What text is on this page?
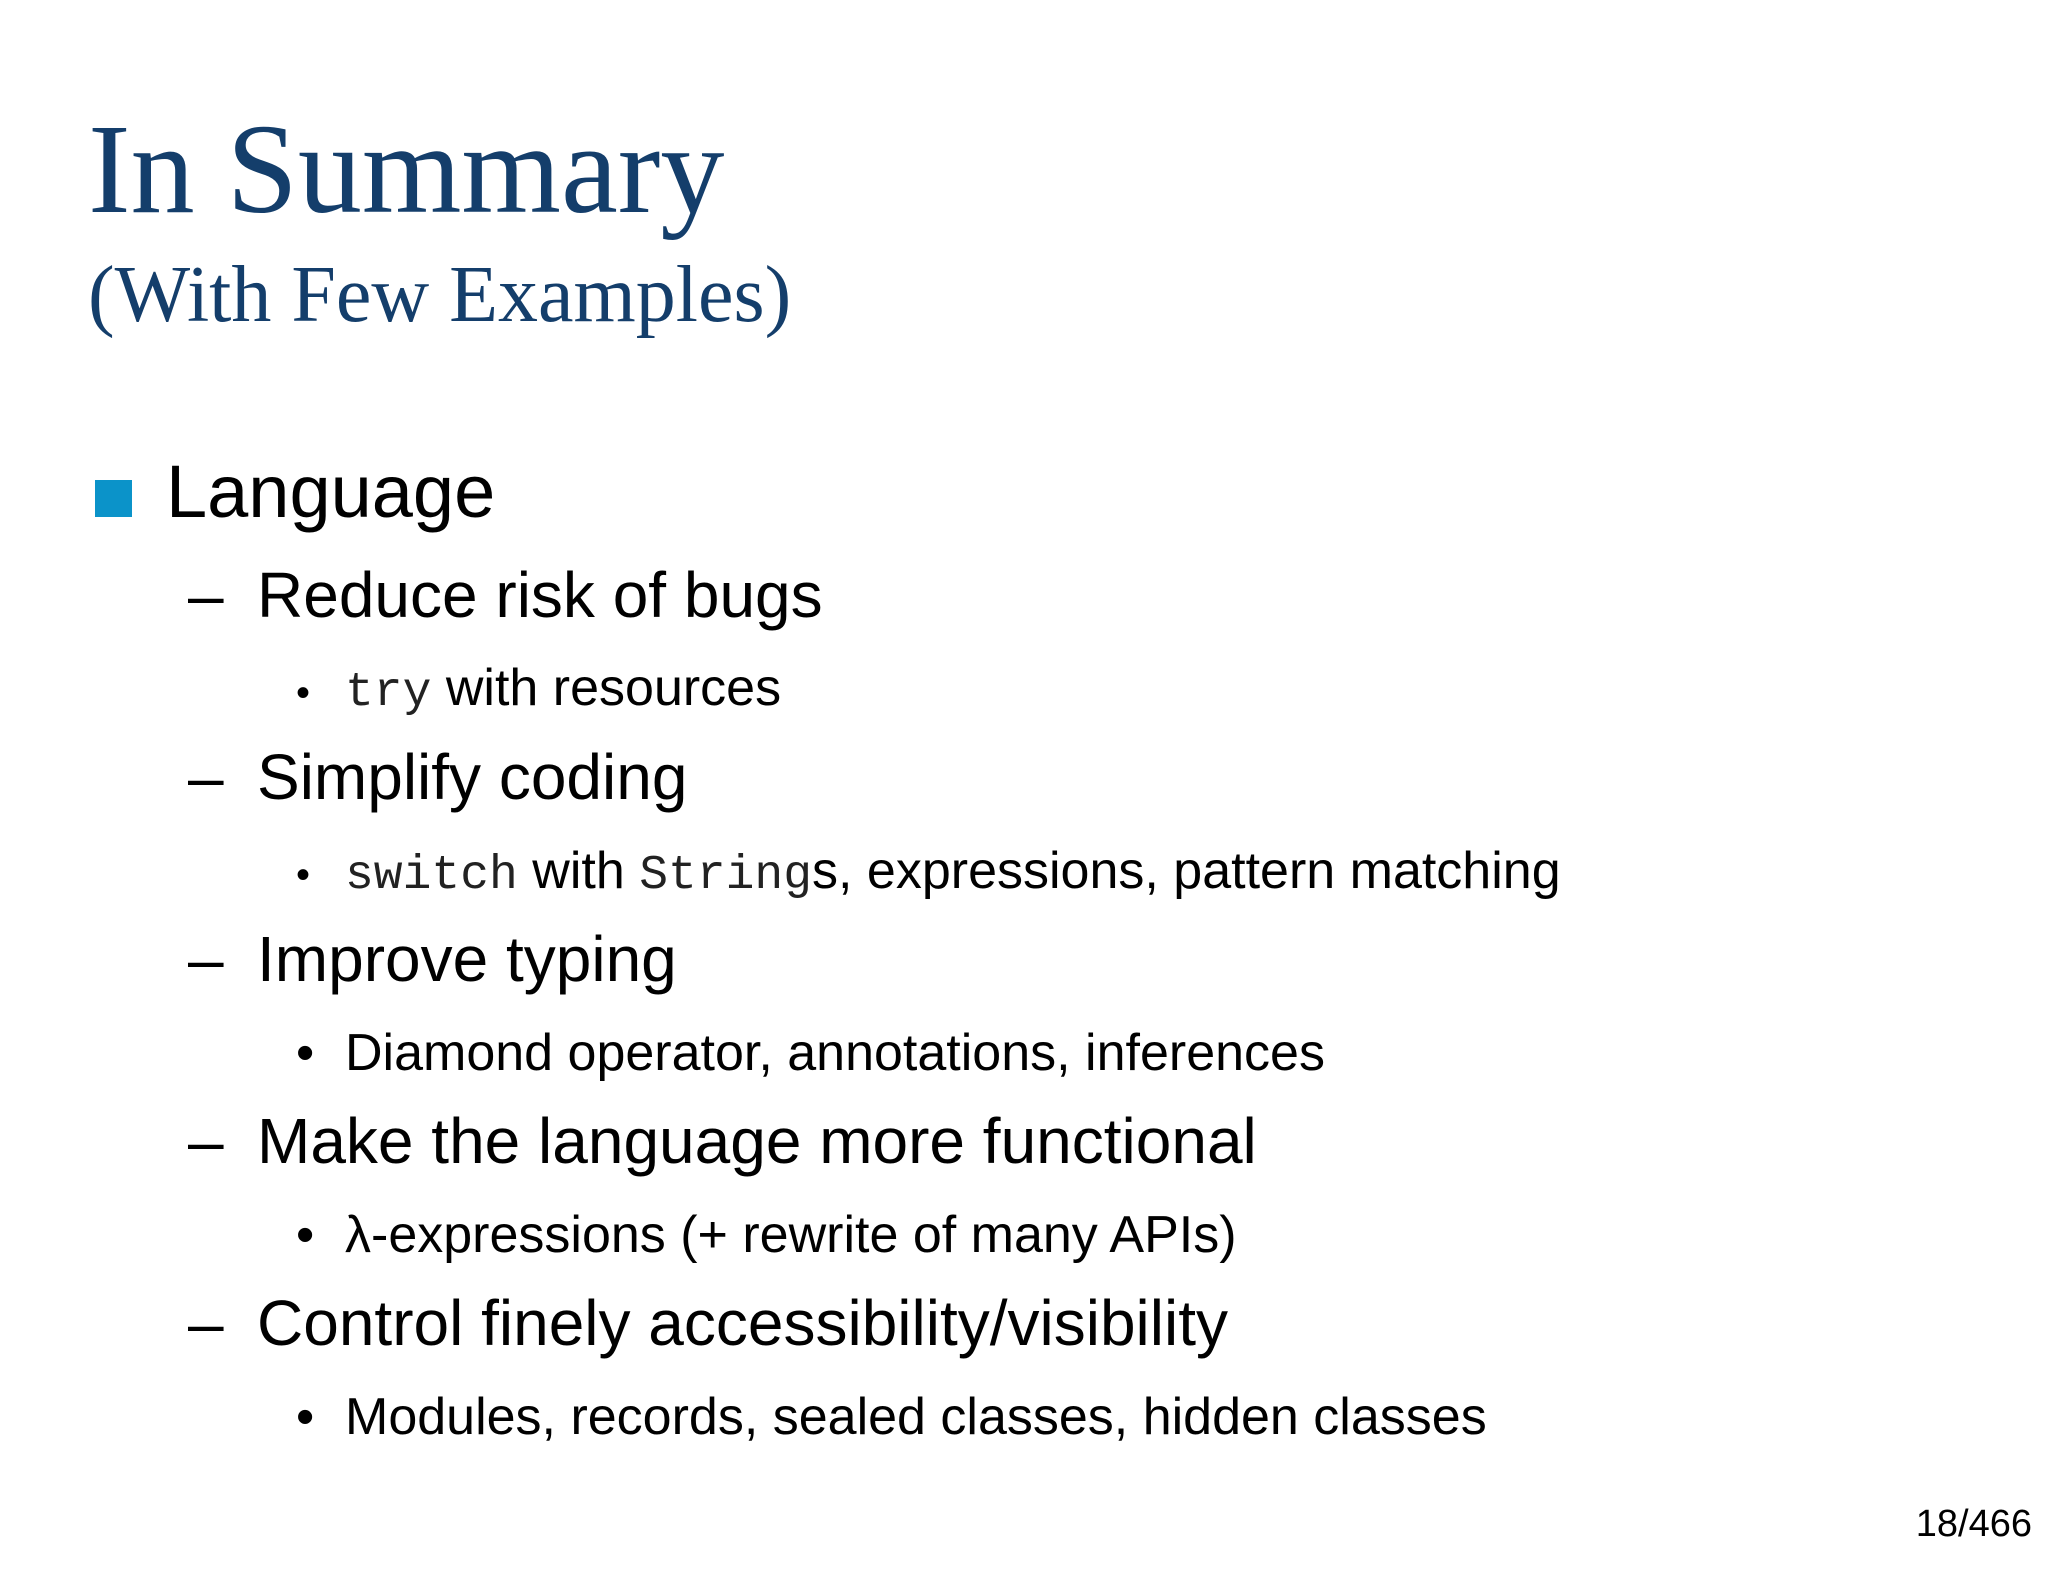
In Summary
(With Few Examples)
Language
– Reduce risk of bugs
• try with resources
– Simplify coding
• switch with Strings, expressions, pattern matching
– Improve typing
• Diamond operator, annotations, inferences
– Make the language more functional
• λ-expressions (+ rewrite of many APIs)
– Control finely accessibility/visibility
• Modules, records, sealed classes, hidden classes
18/466
